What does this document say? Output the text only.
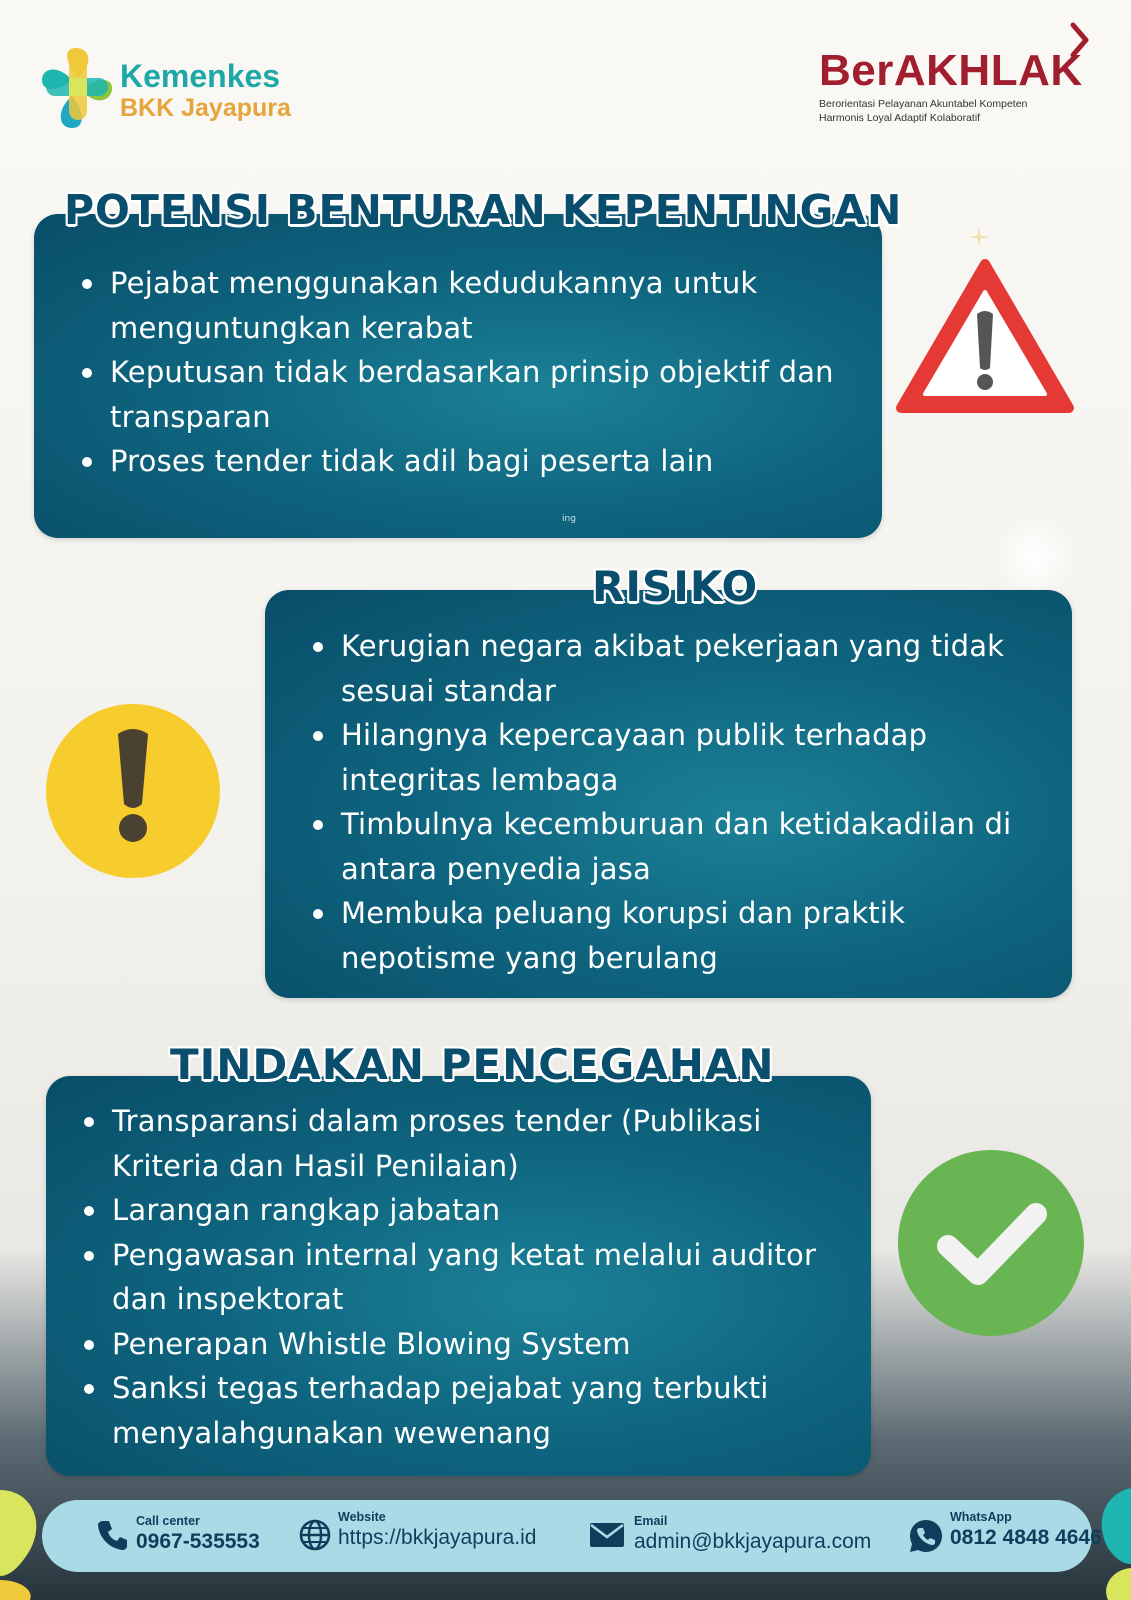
Kemenkes
BKK Jayapura
BerAKHLAK
Berorientasi Pelayanan Akuntabel Kompeten
Harmonis Loyal Adaptif Kolaboratif
POTENSI BENTURAN KEPENTINGAN
Pejabat menggunakan kedudukannya untuk menguntungkan kerabat
Keputusan tidak berdasarkan prinsip objektif dan transparan
Proses tender tidak adil bagi peserta lain
ing
RISIKO
Kerugian negara akibat pekerjaan yang tidak sesuai standar
Hilangnya kepercayaan publik terhadap integritas lembaga
Timbulnya kecemburuan dan ketidakadilan di antara penyedia jasa
Membuka peluang korupsi dan praktik nepotisme yang berulang
TINDAKAN PENCEGAHAN
Transparansi dalam proses tender (Publikasi Kriteria dan Hasil Penilaian)
Larangan rangkap jabatan
Pengawasan internal yang ketat melalui auditor dan inspektorat
Penerapan Whistle Blowing System
Sanksi tegas terhadap pejabat yang terbukti menyalahgunakan wewenang
Call center
0967-535553
Website
https://bkkjayapura.id
Email
admin@bkkjayapura.com
WhatsApp
0812 4848 4646
